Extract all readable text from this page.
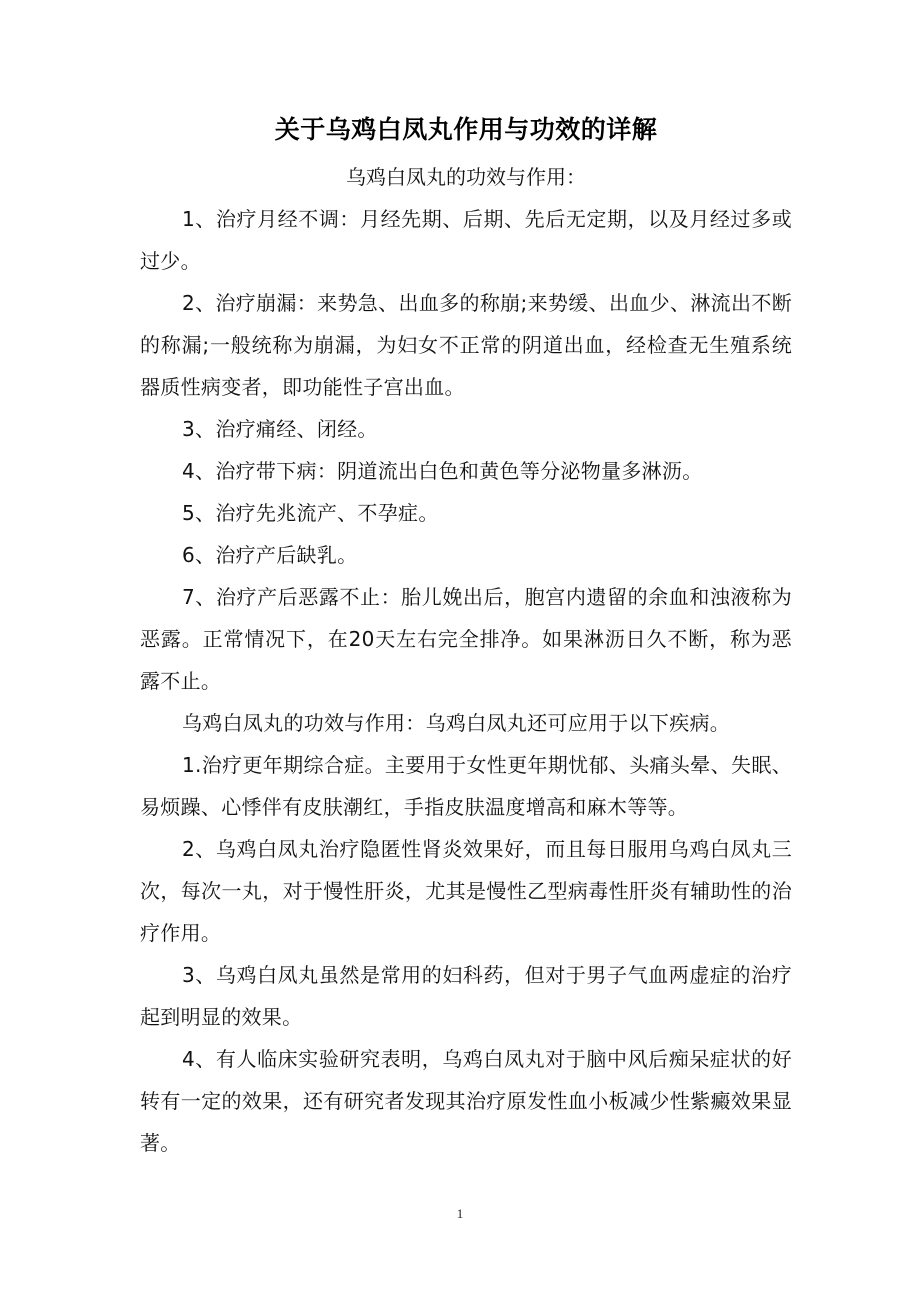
关于乌鸡白凤丸作用与功效的详解

乌鸡白凤丸的功效与作用：

1、治疗月经不调：月经先期、后期、先后无定期，以及月经过多或过少。

2、治疗崩漏：来势急、出血多的称崩;来势缓、出血少、淋流出不断的称漏;一般统称为崩漏，为妇女不正常的阴道出血，经检查无生殖系统器质性病变者，即功能性子宫出血。

3、治疗痛经、闭经。

4、治疗带下病：阴道流出白色和黄色等分泌物量多淋沥。

5、治疗先兆流产、不孕症。

6、治疗产后缺乳。

7、治疗产后恶露不止：胎儿娩出后，胞宫内遗留的余血和浊液称为恶露。正常情况下，在20天左右完全排净。如果淋沥日久不断，称为恶露不止。

乌鸡白凤丸的功效与作用：乌鸡白凤丸还可应用于以下疾病。

1.治疗更年期综合症。主要用于女性更年期忧郁、头痛头晕、失眠、易烦躁、心悸伴有皮肤潮红，手指皮肤温度增高和麻木等等。

2、乌鸡白凤丸治疗隐匿性肾炎效果好，而且每日服用乌鸡白凤丸三次，每次一丸，对于慢性肝炎，尤其是慢性乙型病毒性肝炎有辅助性的治疗作用。

3、乌鸡白凤丸虽然是常用的妇科药，但对于男子气血两虚症的治疗起到明显的效果。

4、有人临床实验研究表明，乌鸡白凤丸对于脑中风后痴呆症状的好转有一定的效果，还有研究者发现其治疗原发性血小板减少性紫癜效果显著。

1
